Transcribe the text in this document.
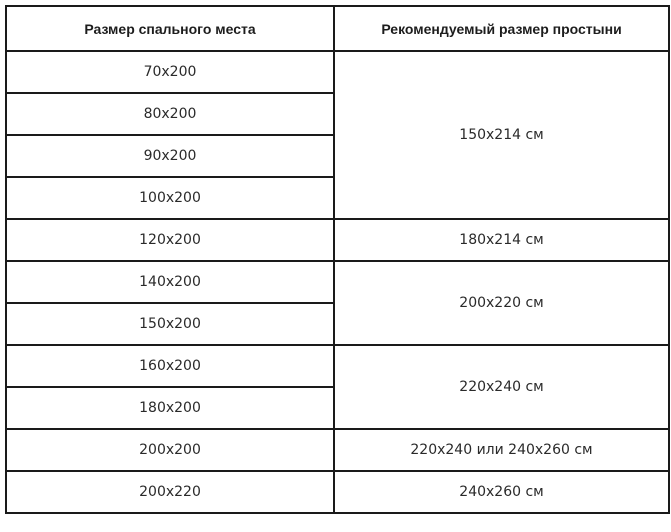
Размер спального места	Рекомендуемый размер простыни
70x200	150x214 см
80x200	
90x200	
100x200	
120x200	180x214 см
140x200	200x220 см
150x200	
160x200	220x240 см
180x200	
200x200	220x240 или 240x260 см
200x220	240x260 см
